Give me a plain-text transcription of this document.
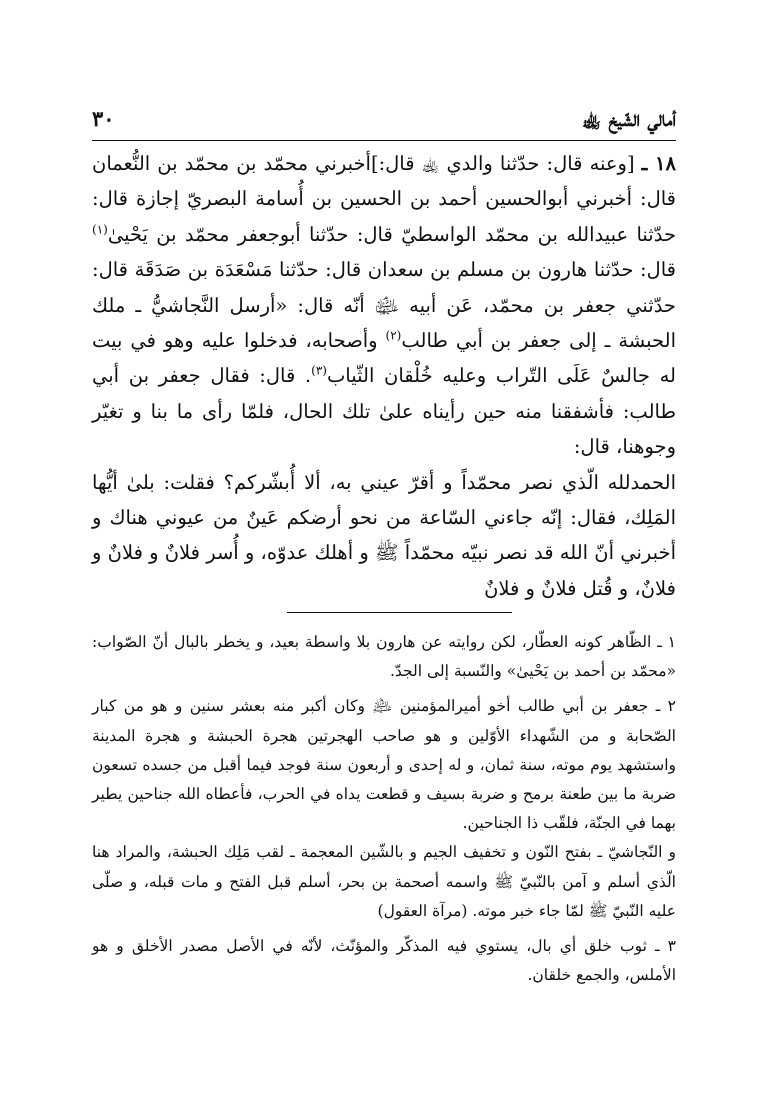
أمالي الشّيخ ﵀
٣٠

١٨ ـ [وعنه قال: حدّثنا والدي ﵀ قال:]أخبرني محمّد بن محمّد بن النُّعمان قال: أخبرني أبوالحسين أحمد بن الحسين بن أُسامة البصريّ إجازة قال: حدّثنا عبيدالله بن محمّد الواسطيّ قال: حدّثنا أبوجعفر محمّد بن يَحْيىٰ$^{(١)}$ قال: حدّثنا هارون بن مسلم بن سعدان قال: حدّثنا مَسْعَدَة بن صَدَقَة قال: حدّثني جعفر بن محمّد، عَن أبيه ﵉ أنّه قال: «أرسل النَّجاشيُّ ـ ملك الحبشة ـ إلى جعفر بن أبي طالب$^{(٢)}$ وأصحابه، فدخلوا عليه وهو في بيت له جالسٌ عَلَى التّراب وعليه خُلْقان الثّياب$^{(٣)}$. قال: فقال جعفر بن أبي طالب: فأشفقنا منه حين رأيناه علىٰ تلك الحال، فلمّا رأى ما بنا و تغيّر وجوهنا، قال:

الحمدلله الّذي نصر محمّداً و أقرّ عيني به، ألا أُبشّركم؟ فقلت: بلىٰ أيُّها المَلِك، فقال: إنّه جاءني السّاعة من نحو أرضكم عَينٌ من عيوني هناك و أخبرني أنّ الله قد نصر نبيّه محمّداً ﷺ و أهلك عدوّه، و أُسر فلانٌ و فلانٌ و فلانٌ، و قُتل فلانٌ و فلانٌ

١ ـ الظّاهر كونه العطّار، لكن روايته عن هارون بلا واسطة بعيد، و يخطر بالبال أنّ الصّواب: «محمّد بن أحمد بن يَحْيىٰ» والنّسبة إلى الجدّ.

٢ ـ جعفر بن أبي طالب أخو أميرالمؤمنين ﵇ وكان أكبر منه بعشر سنين و هو من كبار الصّحابة و من الشّهداء الأوّلين و هو صاحب الهجرتين هجرة الحبشة و هجرة المدينة واستشهد يوم موته، سنة ثمان، و له إحدى و أربعون سنة فوجد فيما أقبل من جسده تسعون ضربة ما بين طعنة برمح و ضربة بسيف و قطعت يداه في الحرب، فأعطاه الله جناحين يطير بهما في الجنّة، فلقّب ذا الجناحين.

و النّجاشيّ ـ بفتح النّون و تخفيف الجيم و بالشّين المعجمة ـ لقب مَلِك الحبشة، والمراد هنا الّذي أسلم و آمن بالنّبيّ ﷺ واسمه أصحمة بن بحر، أسلم قبل الفتح و مات قبله، و صلّى عليه النّبيّ ﷺ لمّا جاء خبر موته. (مرآة العقول)

٣ ـ ثوب خلق أي بال، يستوي فيه المذكّر والمؤنّث، لأنّه في الأصل مصدر الأخلق و هو الأملس، والجمع خلقان.
